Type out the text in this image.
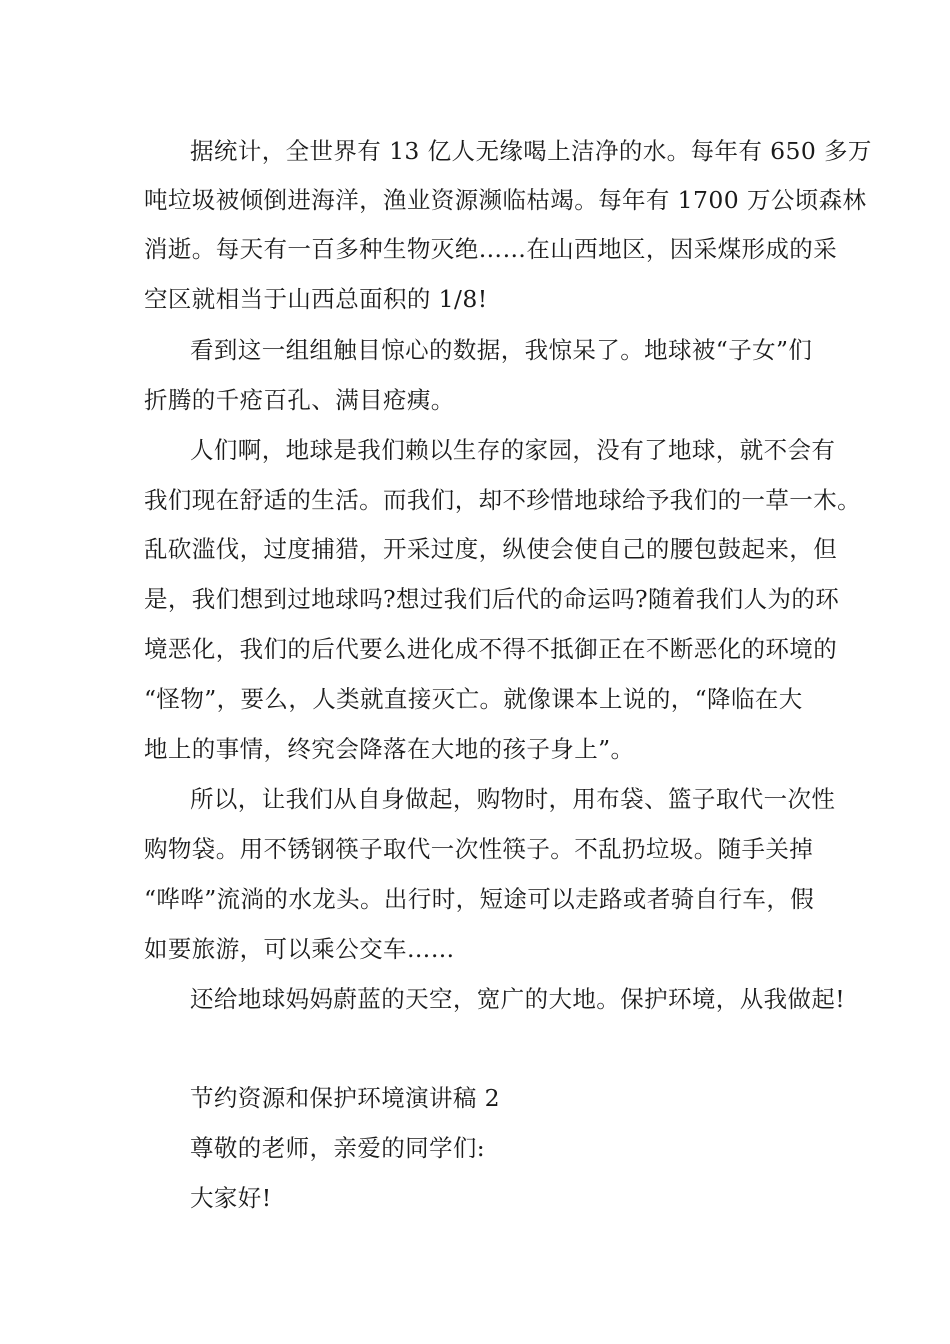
据统计，全世界有 13 亿人无缘喝上洁净的水。每年有 650 多万
吨垃圾被倾倒进海洋，渔业资源濒临枯竭。每年有 1700 万公顷森林
消逝。每天有一百多种生物灭绝……在山西地区，因采煤形成的采
空区就相当于山西总面积的 1/8!
看到这一组组触目惊心的数据，我惊呆了。地球被“子女”们
折腾的千疮百孔、满目疮痍。
人们啊，地球是我们赖以生存的家园，没有了地球，就不会有
我们现在舒适的生活。而我们，却不珍惜地球给予我们的一草一木。
乱砍滥伐，过度捕猎，开采过度，纵使会使自己的腰包鼓起来，但
是，我们想到过地球吗?想过我们后代的命运吗?随着我们人为的环
境恶化，我们的后代要么进化成不得不抵御正在不断恶化的环境的
“怪物”，要么，人类就直接灭亡。就像课本上说的，“降临在大
地上的事情，终究会降落在大地的孩子身上”。
所以，让我们从自身做起，购物时，用布袋、篮子取代一次性
购物袋。用不锈钢筷子取代一次性筷子。不乱扔垃圾。随手关掉
“哗哗”流淌的水龙头。出行时，短途可以走路或者骑自行车，假
如要旅游，可以乘公交车……
还给地球妈妈蔚蓝的天空，宽广的大地。保护环境，从我做起!
节约资源和保护环境演讲稿 2
尊敬的老师，亲爱的同学们:
大家好!
